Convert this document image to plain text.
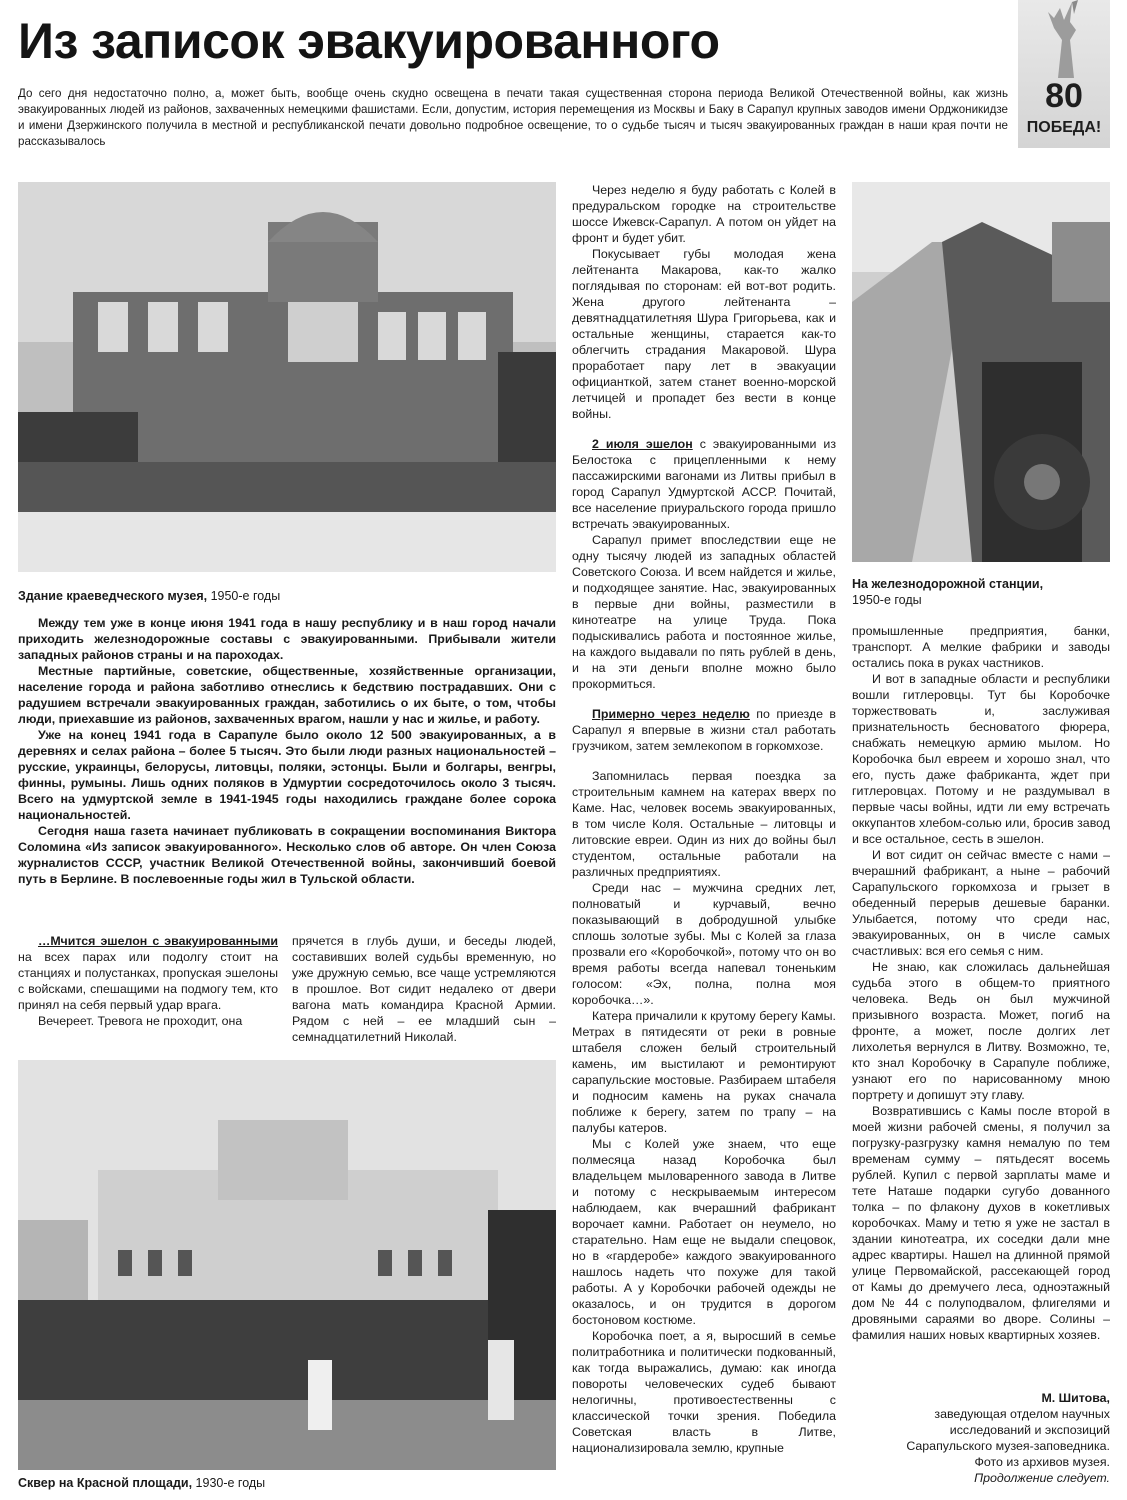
Из записок эвакуированного
80
ПОБЕДА!

До сего дня недостаточно полно, а, может быть, вообще очень скудно освещена в печати такая существенная сторона периода Великой Отечественной войны, как жизнь эвакуированных людей из районов, захваченных немецкими фашистами. Если, допустим, история перемещения из Москвы и Баку в Сарапул крупных заводов имени Орджоникидзе и имени Дзержинского получила в местной и республиканской печати довольно подробное освещение, то о судьбе тысяч и тысяч эвакуированных граждан в наши края почти не рассказывалось

Здание краеведческого музея, 1950-е годы
На железнодорожной станции,
1950-е годы

Между тем уже в конце июня 1941 года в нашу республику и в наш город начали приходить железнодорожные составы с эвакуированными. Прибывали жители западных районов страны и на пароходах.

Местные партийные, советские, общественные, хозяйственные организации, население города и района заботливо отнеслись к бедствию пострадавших. Они с радушием встречали эвакуированных граждан, заботились о их быте, о том, чтобы люди, приехавшие из районов, захваченных врагом, нашли у нас и жилье, и работу.

Уже на конец 1941 года в Сарапуле было около 12 500 эвакуированных, а в деревнях и селах района – более 5 тысяч. Это были люди разных национальностей – русские, украинцы, белорусы, литовцы, поляки, эстонцы. Были и болгары, венгры, финны, румыны. Лишь одних поляков в Удмуртии сосредоточилось около 3 тысяч. Всего на удмуртской земле в 1941-1945 годы находились граждане более сорока национальностей.

Сегодня наша газета начинает публиковать в сокращении воспоминания Виктора Соломина «Из записок эвакуированного». Несколько слов об авторе. Он член Союза журналистов СССР, участник Великой Отечественной войны, закончивший боевой путь в Берлине. В послевоенные годы жил в Тульской области.

…Мчится эшелон с эвакуированными на всех парах или подолгу стоит на станциях и полустанках, пропуская эшелоны с войсками, спешащими на подмогу тем, кто принял на себя первый удар врага.

Вечереет. Тревога не проходит, она

прячется в глубь души, и беседы людей, составивших волей судьбы временную, но уже дружную семью, все чаще устремляются в прошлое. Вот сидит недалеко от двери вагона мать командира Красной Армии. Рядом с ней – ее младший сын – семнадцатилетний Николай.

Сквер на Красной площади, 1930-е годы

Через неделю я буду работать с Колей в предуральском городке на строительстве шоссе Ижевск-Сарапул. А потом он уйдет на фронт и будет убит.

Покусывает губы молодая жена лейтенанта Макарова, как-то жалко поглядывая по сторонам: ей вот-вот родить. Жена другого лейтенанта – девятнадцатилетняя Шура Григорьева, как и остальные женщины, старается как-то облегчить страдания Макаровой. Шура проработает пару лет в эвакуации официанткой, затем станет военно-морской летчицей и пропадет без вести в конце войны.

2 июля эшелон с эвакуированными из Белостока с прицепленными к нему пассажирскими вагонами из Литвы прибыл в город Сарапул Удмуртской АССР. Почитай, все население приуральского города пришло встречать эвакуированных.

Сарапул примет впоследствии еще не одну тысячу людей из западных областей Советского Союза. И всем найдется и жилье, и подходящее занятие. Нас, эвакуированных в первые дни войны, разместили в кинотеатре на улице Труда. Пока подыскивались работа и постоянное жилье, на каждого выдавали по пять рублей в день, и на эти деньги вполне можно было прокормиться.

Примерно через неделю по приезде в Сарапул я впервые в жизни стал работать грузчиком, затем землекопом в горкомхозе.

Запомнилась первая поездка за строительным камнем на катерах вверх по Каме. Нас, человек восемь эвакуированных, в том числе Коля. Остальные – литовцы и литовские евреи. Один из них до войны был студентом, остальные работали на различных предприятиях.

Среди нас – мужчина средних лет, полноватый и курчавый, вечно показывающий в добродушной улыбке сплошь золотые зубы. Мы с Колей за глаза прозвали его «Коробочкой», потому что он во время работы всегда напевал тоненьким голосом: «Эх, полна, полна моя коробочка…».

Катера причалили к крутому берегу Камы. Метрах в пятидесяти от реки в ровные штабеля сложен белый строительный камень, им выстилают и ремонтируют сарапульские мостовые. Разбираем штабеля и подносим камень на руках сначала поближе к берегу, затем по трапу – на палубы катеров.

Мы с Колей уже знаем, что еще полмесяца назад Коробочка был владельцем мыловаренного завода в Литве и потому с нескрываемым интересом наблюдаем, как вчерашний фабрикант ворочает камни. Работает он неумело, но старательно. Нам еще не выдали спецовок, но в «гардеробе» каждого эвакуированного нашлось надеть что похуже для такой работы. А у Коробочки рабочей одежды не оказалось, и он трудится в дорогом бостоновом костюме.

Коробочка поет, а я, выросший в семье политработника и политически подкованный, как тогда выражались, думаю: как иногда повороты человеческих судеб бывают нелогичны, противоестественны с классической точки зрения. Победила Советская власть в Литве, национализировала землю, крупные

промышленные предприятия, банки, транспорт. А мелкие фабрики и заводы остались пока в руках частников.

И вот в западные области и республики вошли гитлеровцы. Тут бы Коробочке торжествовать и, заслуживая признательность бесноватого фюрера, снабжать немецкую армию мылом. Но Коробочка был евреем и хорошо знал, что его, пусть даже фабриканта, ждет при гитлеровцах. Потому и не раздумывал в первые часы войны, идти ли ему встречать оккупантов хлебом-солью или, бросив завод и все остальное, сесть в эшелон.

И вот сидит он сейчас вместе с нами – вчерашний фабрикант, а ныне – рабочий Сарапульского горкомхоза и грызет в обеденный перерыв дешевые баранки. Улыбается, потому что среди нас, эвакуированных, он в числе самых счастливых: вся его семья с ним.

Не знаю, как сложилась дальнейшая судьба этого в общем-то приятного человека. Ведь он был мужчиной призывного возраста. Может, погиб на фронте, а может, после долгих лет лихолетья вернулся в Литву. Возможно, те, кто знал Коробочку в Сарапуле поближе, узнают его по нарисованному мною портрету и допишут эту главу.

Возвратившись с Камы после второй в моей жизни рабочей смены, я получил за погрузку-разгрузку камня немалую по тем временам сумму – пятьдесят восемь рублей. Купил с первой зарплаты маме и тете Наташе подарки сугубо дованного толка – по флакону духов в кокетливых коробочках. Маму и тетю я уже не застал в здании кинотеатра, их соседки дали мне адрес квартиры. Нашел на длинной прямой улице Первомайской, рассекающей город от Камы до дремучего леса, одноэтажный дом № 44 с полуподвалом, флигелями и дровяными сараями во дворе. Солины – фамилия наших новых квартирных хозяев.

М. Шитова,
заведующая отделом научных
исследований и экспозиций
Сарапульского музея-заповедника.
Фото из архивов музея.
Продолжение следует.
